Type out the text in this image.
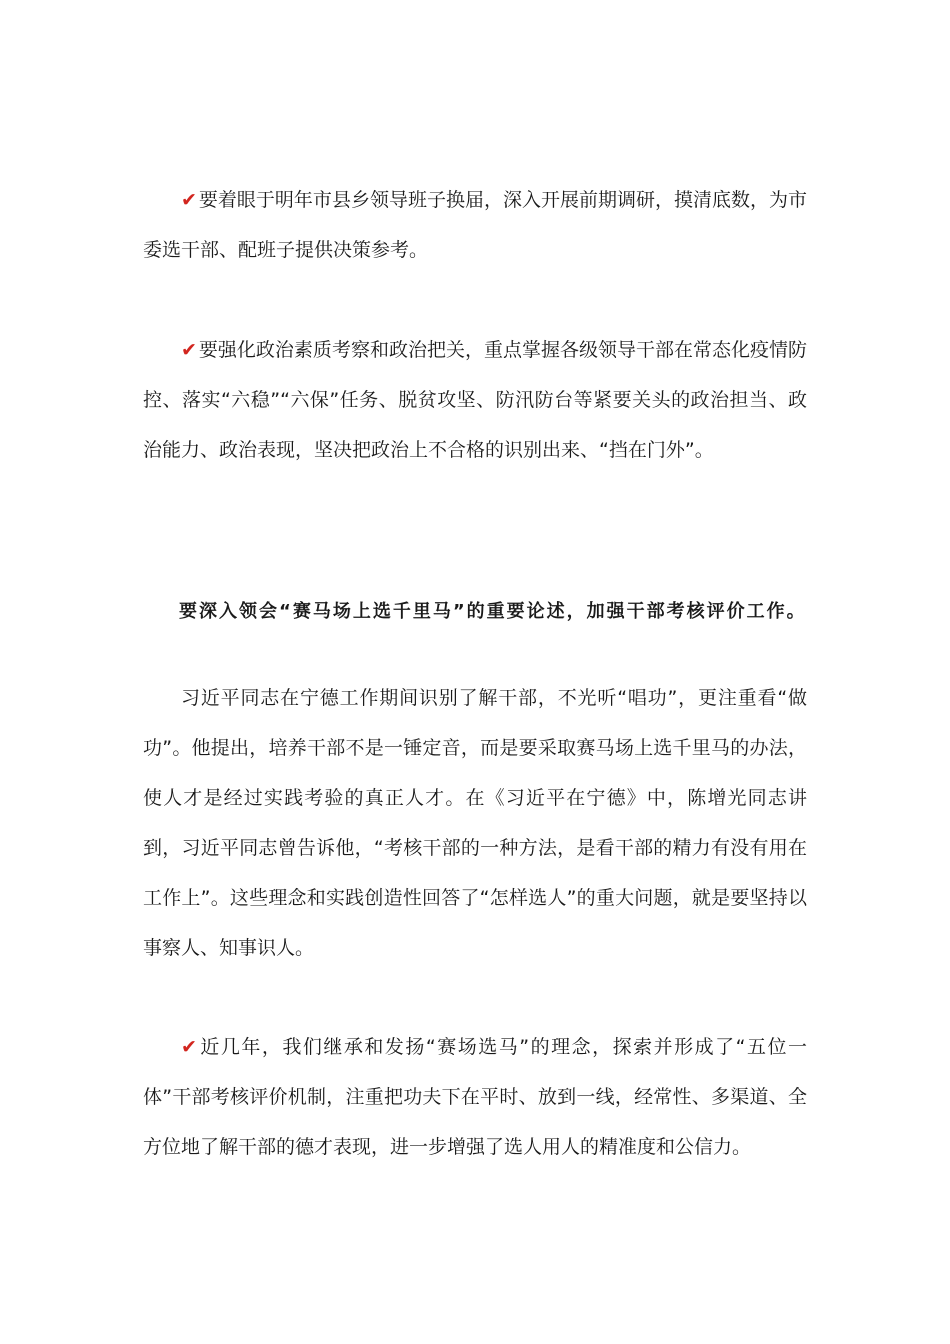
✔ 要着眼于明年市县乡领导班子换届，深入开展前期调研，摸清底数，为市委选干部、配班子提供决策参考。

✔ 要强化政治素质考察和政治把关，重点掌握各级领导干部在常态化疫情防控、落实“六稳”“六保”任务、脱贫攻坚、防汛防台等紧要关头的政治担当、政治能力、政治表现，坚决把政治上不合格的识别出来、“挡在门外”。

要深入领会“赛马场上选千里马”的重要论述，加强干部考核评价工作。

习近平同志在宁德工作期间识别了解干部，不光听“唱功”，更注重看“做功”。他提出，培养干部不是一锤定音，而是要采取赛马场上选千里马的办法，使人才是经过实践考验的真正人才。在《习近平在宁德》中，陈增光同志讲到，习近平同志曾告诉他，“考核干部的一种方法，是看干部的精力有没有用在工作上”。这些理念和实践创造性回答了“怎样选人”的重大问题，就是要坚持以事察人、知事识人。

✔ 近几年，我们继承和发扬“赛场选马”的理念，探索并形成了“五位一体”干部考核评价机制，注重把功夫下在平时、放到一线，经常性、多渠道、全方位地了解干部的德才表现，进一步增强了选人用人的精准度和公信力。
